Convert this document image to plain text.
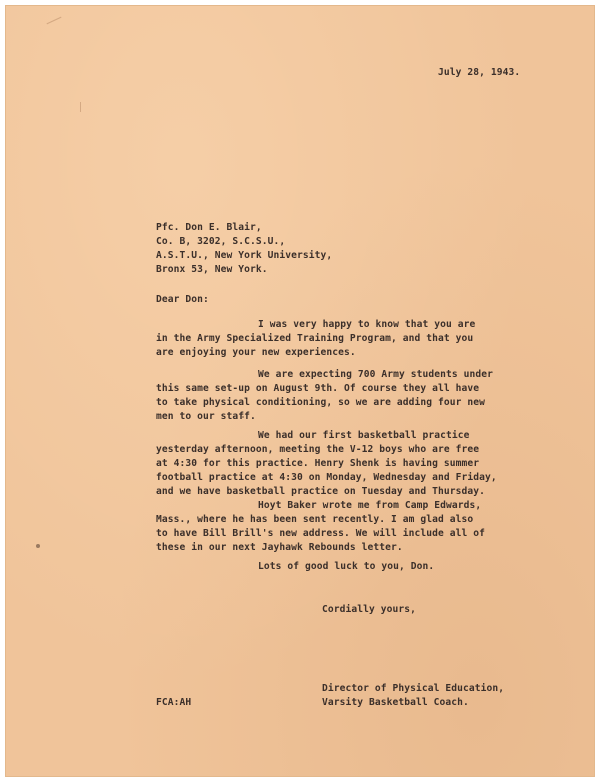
July 28, 1943.

Pfc. Don E. Blair,

Co. B, 3202, S.C.S.U.,

A.S.T.U., New York University,

Bronx 53, New York.

Dear Don:

I was very happy to know that you are

in the Army Specialized Training Program, and that you

are enjoying your new experiences.

We are expecting 700 Army students under

this same set-up on August 9th. Of course they all have

to take physical conditioning, so we are adding four new

men to our staff.

We had our first basketball practice

yesterday afternoon, meeting the V-12 boys who are free

at 4:30 for this practice. Henry Shenk is having summer

football practice at 4:30 on Monday, Wednesday and Friday,

and we have basketball practice on Tuesday and Thursday.

Hoyt Baker wrote me from Camp Edwards,

Mass., where he has been sent recently. I am glad also

to have Bill Brill's new address. We will include all of

these in our next Jayhawk Rebounds letter.

Lots of good luck to you, Don.

Cordially yours,

Director of Physical Education,

Varsity Basketball Coach.

FCA:AH
